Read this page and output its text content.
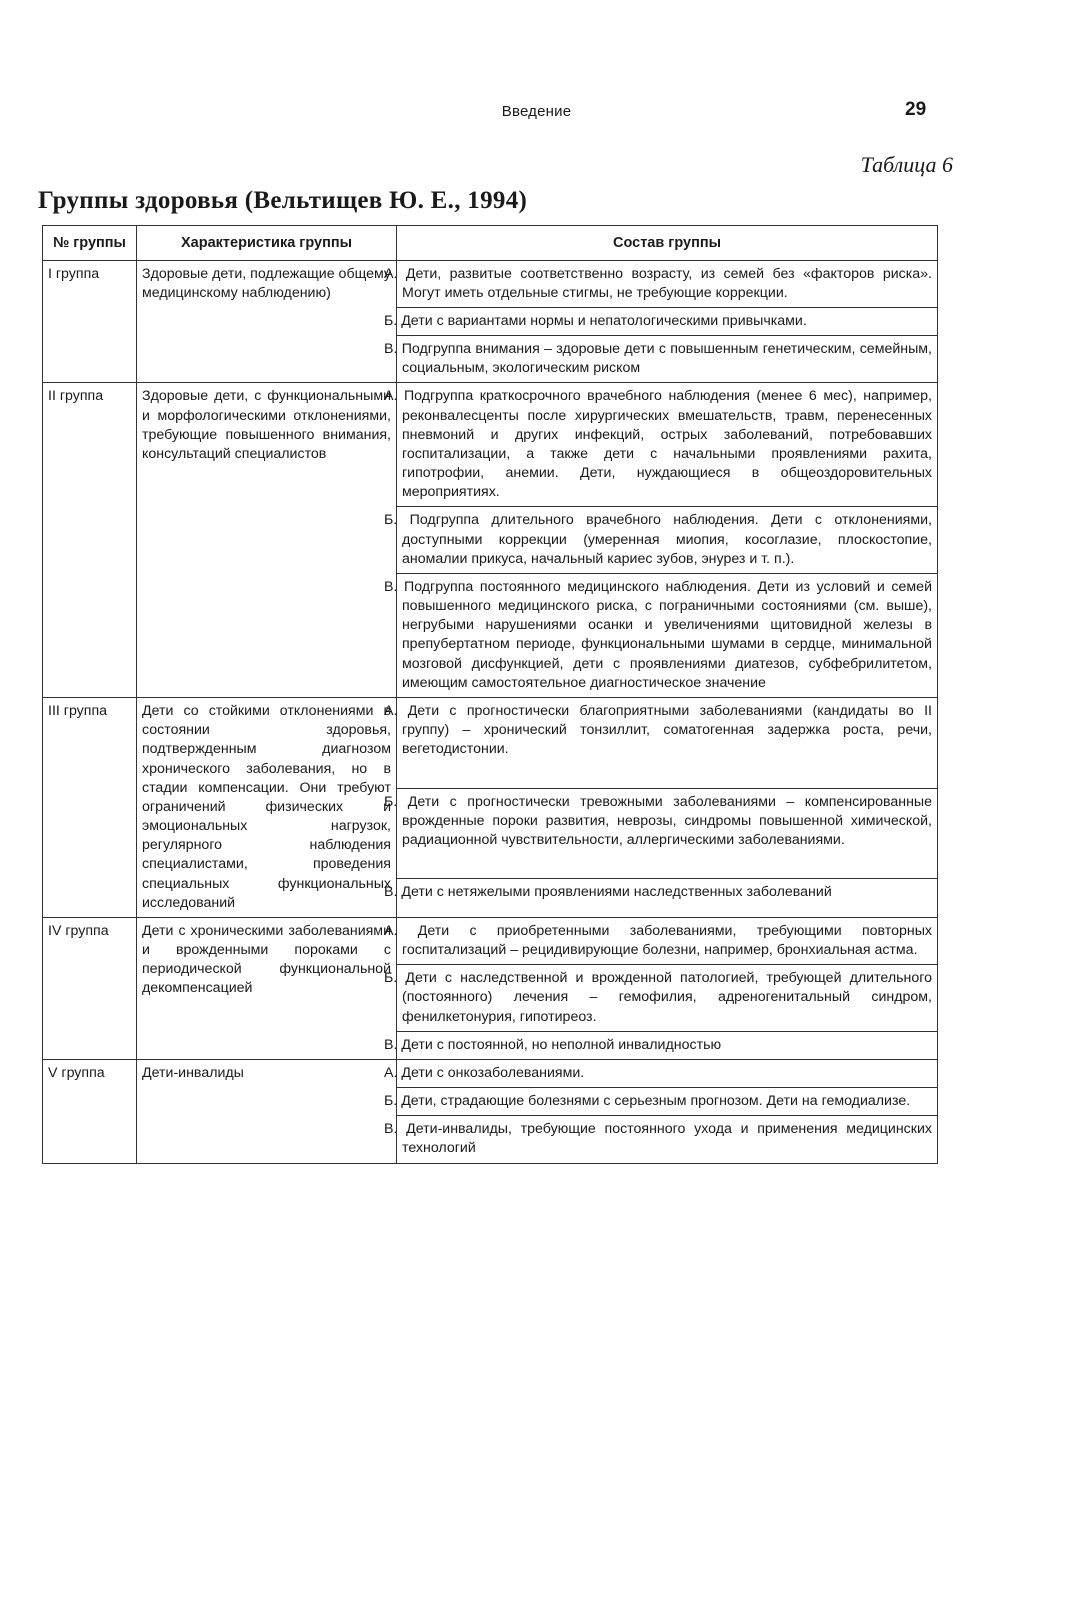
Введение	29
Таблица 6
Группы здоровья (Вельтищев Ю. Е., 1994)
№ группы	Характеристика группы	Состав группы
I группа	Здоровые дети, подлежащие общему медицинскому наблюдению)	А. Дети, развитые соответственно возрасту, из семей без «факторов риска». Могут иметь отдельные стигмы, не требующие коррекции.
		Б. Дети с вариантами нормы и непатологическими привычками.
		В. Подгруппа внимания – здоровые дети с повышенным генетическим, семейным, социальным, экологическим риском
II группа	Здоровые дети, с функциональными и морфологическими отклонениями, требующие повышенного внимания, консультаций специалистов	А. Подгруппа краткосрочного врачебного наблюдения (менее 6 мес), например, реконвалесценты после хирургических вмешательств, травм, перенесенных пневмоний и других инфекций, острых заболеваний, потребовавших госпитализации, а также дети с начальными проявлениями рахита, гипотрофии, анемии. Дети, нуждающиеся в общеоздоровительных мероприятиях.
		Б. Подгруппа длительного врачебного наблюдения. Дети с отклонениями, доступными коррекции (умеренная миопия, косоглазие, плоскостопие, аномалии прикуса, начальный кариес зубов, энурез и т. п.).
		В. Подгруппа постоянного медицинского наблюдения. Дети из условий и семей повышенного медицинского риска, с пограничными состояниями (см. выше), негрубыми нарушениями осанки и увеличениями щитовидной железы в препубертатном периоде, функциональными шумами в сердце, минимальной мозговой дисфункцией, дети с проявлениями диатезов, субфебрилитетом, имеющим самостоятельное диагностическое значение
III группа	Дети со стойкими отклонениями в состоянии здоровья, подтвержденным диагнозом хронического заболевания, но в стадии компенсации. Они требуют ограничений физических и эмоциональных нагрузок, регулярного наблюдения специалистами, проведения специальных функциональных исследований	А. Дети с прогностически благоприятными заболеваниями (кандидаты во II группу) – хронический тонзиллит, соматогенная задержка роста, речи, вегетодистонии.
		Б. Дети с прогностически тревожными заболеваниями – компенсированные врожденные пороки развития, неврозы, синдромы повышенной химической, радиационной чувствительности, аллергическими заболеваниями.
		В. Дети с нетяжелыми проявлениями наследственных заболеваний
IV группа	Дети с хроническими заболеваниями и врожденными пороками с периодической функциональной декомпенсацией	А. Дети с приобретенными заболеваниями, требующими повторных госпитализаций – рецидивирующие болезни, например, бронхиальная астма.
		Б. Дети с наследственной и врожденной патологией, требующей длительного (постоянного) лечения – гемофилия, адреногенитальный синдром, фенилкетонурия, гипотиреоз.
		В. Дети с постоянной, но неполной инвалидностью
V группа	Дети-инвалиды	А. Дети с онкозаболеваниями.
		Б. Дети, страдающие болезнями с серьезным прогнозом. Дети на гемодиализе.
		В. Дети-инвалиды, требующие постоянного ухода и применения медицинских технологий
